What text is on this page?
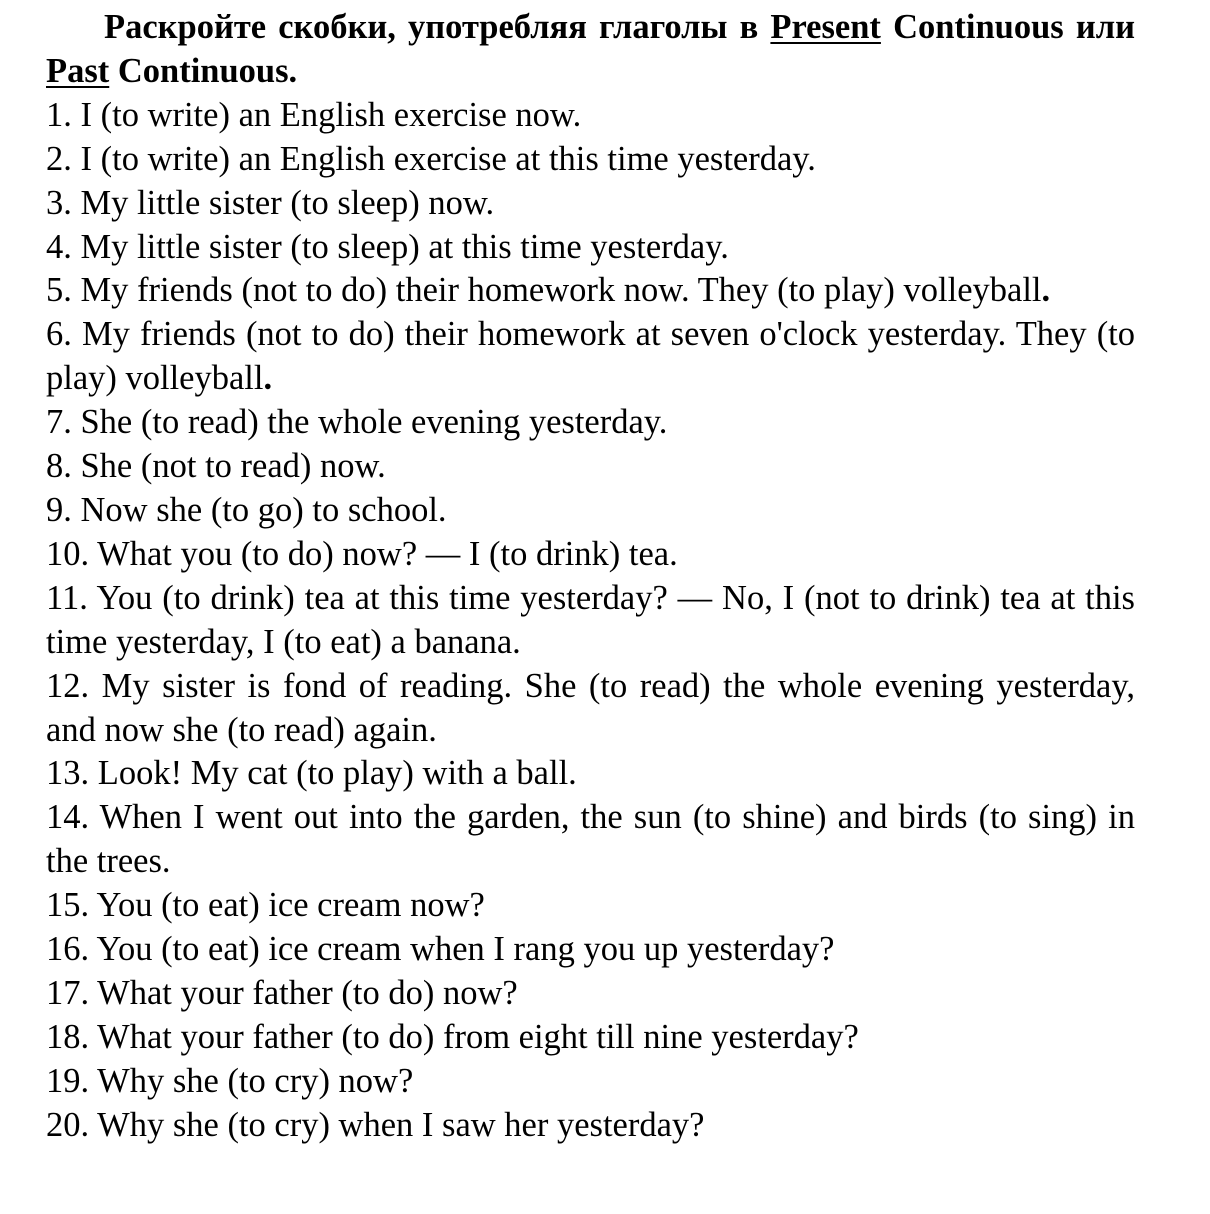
Раскройте скобки, употребляя глаголы в Present Continuous или Past Continuous.

1. I (to write) an English exercise now.
2. I (to write) an English exercise at this time yesterday.
3. My little sister (to sleep) now.
4. My little sister (to sleep) at this time yesterday.
5. My friends (not to do) their homework now. They (to play) volleyball.
6. My friends (not to do) their homework at seven o'clock yesterday. They (to play) volleyball.
7. She (to read) the whole evening yesterday.
8. She (not to read) now.
9. Now she (to go) to school.
10. What you (to do) now? — I (to drink) tea.
11. You (to drink) tea at this time yesterday? — No, I (not to drink) tea at this time yesterday, I (to eat) a banana.
12. My sister is fond of reading. She (to read) the whole evening yesterday, and now she (to read) again.
13. Look! My cat (to play) with a ball.
14. When I went out into the garden, the sun (to shine) and birds (to sing) in the trees.
15. You (to eat) ice cream now?
16. You (to eat) ice cream when I rang you up yesterday?
17. What your father (to do) now?
18. What your father (to do) from eight till nine yesterday?
19. Why she (to cry) now?
20. Why she (to cry) when I saw her yesterday?
